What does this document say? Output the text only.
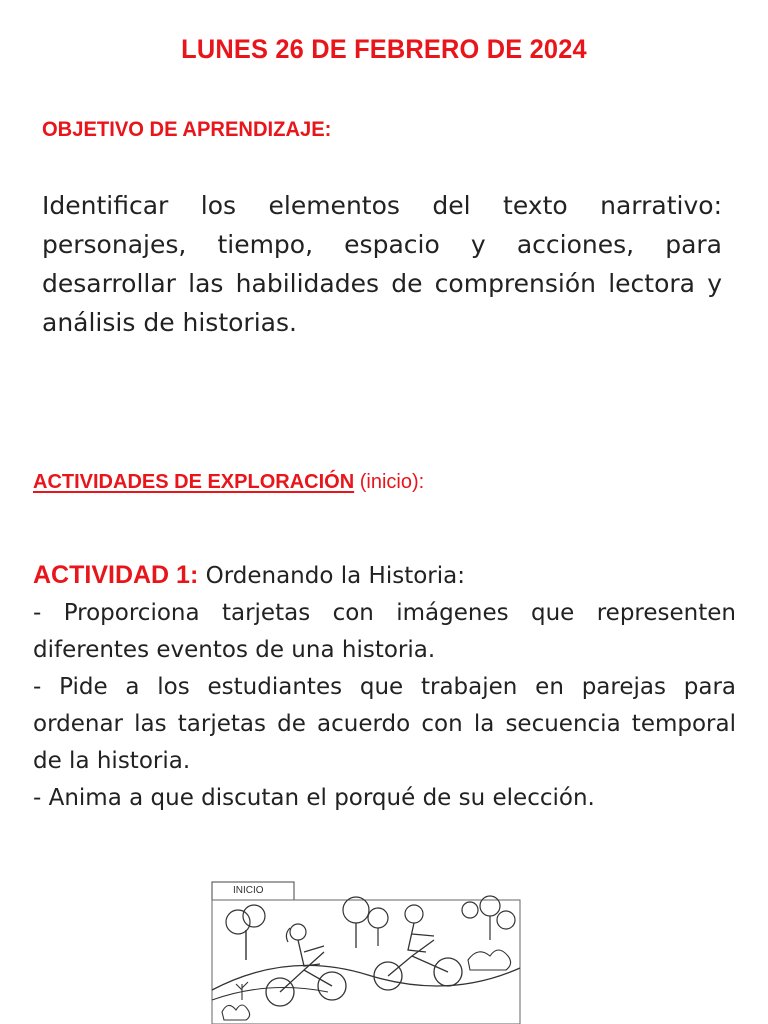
LUNES 26 DE FEBRERO DE 2024
OBJETIVO DE APRENDIZAJE:
Identificar los elementos del texto narrativo: personajes, tiempo, espacio y acciones, para desarrollar las habilidades de comprensión lectora y análisis de historias.
ACTIVIDADES DE EXPLORACIÓN (inicio):

ACTIVIDAD 1: Ordenando la Historia:

- Proporciona tarjetas con imágenes que representen diferentes eventos de una historia.

- Pide a los estudiantes que trabajen en parejas para ordenar las tarjetas de acuerdo con la secuencia temporal de la historia.

- Anima a que discutan el porqué de su elección.

INICIO
